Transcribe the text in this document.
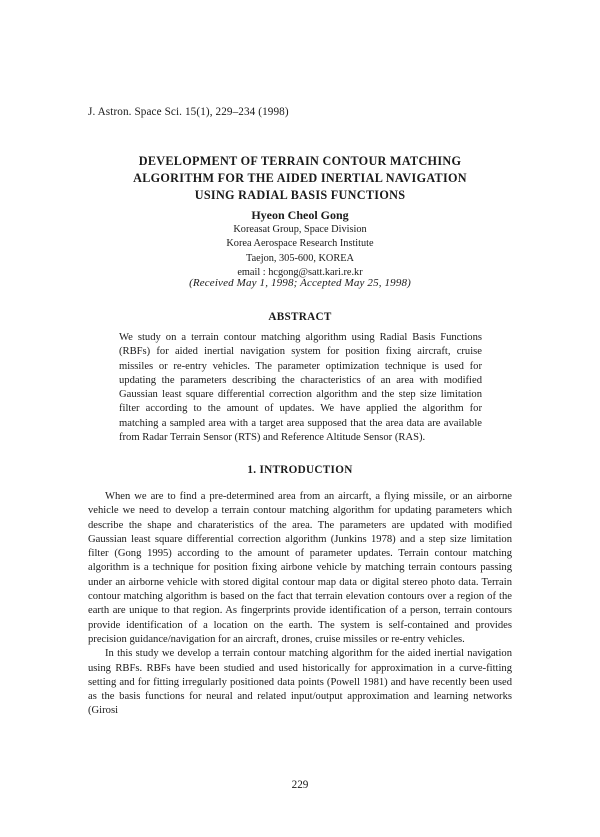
J. Astron. Space Sci. 15(1), 229–234 (1998)
DEVELOPMENT OF TERRAIN CONTOUR MATCHING
ALGORITHM FOR THE AIDED INERTIAL NAVIGATION
USING RADIAL BASIS FUNCTIONS
Hyeon Cheol Gong
Koreasat Group, Space Division
Korea Aerospace Research Institute
Taejon, 305-600, KOREA
email : hcgong@satt.kari.re.kr
(Received May 1, 1998; Accepted May 25, 1998)
ABSTRACT
We study on a terrain contour matching algorithm using Radial Basis Functions (RBFs) for aided inertial navigation system for position fixing aircraft, cruise missiles or re-entry vehicles. The parameter optimization technique is used for updating the parameters describing the characteristics of an area with modified Gaussian least square differential correction algorithm and the step size limitation filter according to the amount of updates. We have applied the algorithm for matching a sampled area with a target area supposed that the area data are available from Radar Terrain Sensor (RTS) and Reference Altitude Sensor (RAS).
1. INTRODUCTION

When we are to find a pre-determined area from an aircarft, a flying missile, or an airborne vehicle we need to develop a terrain contour matching algorithm for updating parameters which describe the shape and charateristics of the area. The parameters are updated with modified Gaussian least square differential correction algorithm (Junkins 1978) and a step size limitation filter (Gong 1995) according to the amount of parameter updates. Terrain contour matching algorithm is a technique for position fixing airbone vehicle by matching terrain contours passing under an airborne vehicle with stored digital contour map data or digital stereo photo data. Terrain contour matching algorithm is based on the fact that terrain elevation contours over a region of the earth are unique to that region. As fingerprints provide identification of a person, terrain contours provide identification of a location on the earth. The system is self-contained and provides precision guidance/navigation for an aircraft, drones, cruise missiles or re-entry vehicles.

In this study we develop a terrain contour matching algorithm for the aided inertial navigation using RBFs. RBFs have been studied and used historically for approximation in a curve-fitting setting and for fitting irregularly positioned data points (Powell 1981) and have recently been used as the basis functions for neural and related input/output approximation and learning networks (Girosi

229
